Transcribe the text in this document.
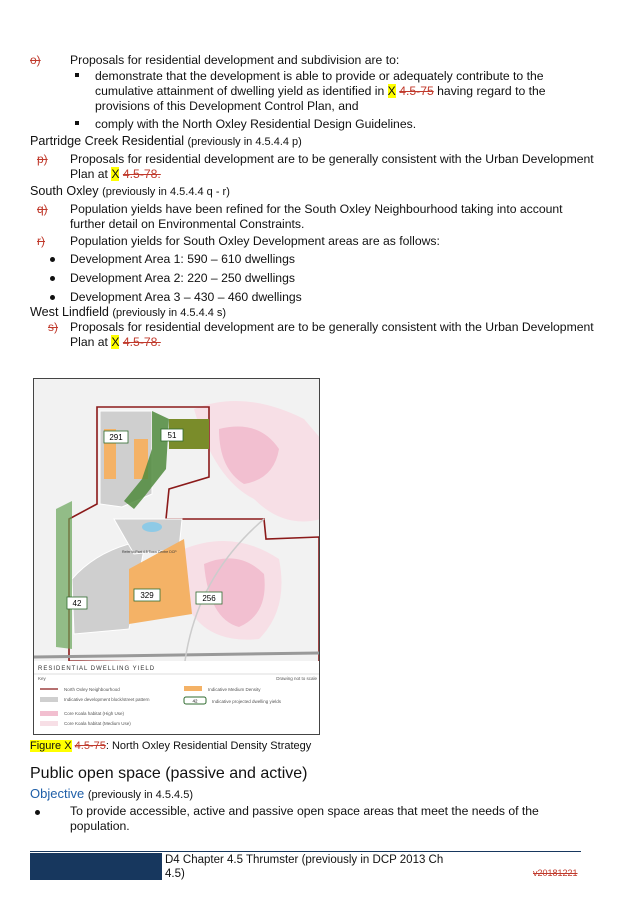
o) Proposals for residential development and subdivision are to:
demonstrate that the development is able to provide or adequately contribute to the
cumulative attainment of dwelling yield as identified in X 4.5-75 having regard to the
provisions of this Development Control Plan, and
comply with the North Oxley Residential Design Guidelines.
Partridge Creek Residential (previously in 4.5.4.4 p)
p) Proposals for residential development are to be generally consistent with the Urban Development
Plan at X 4.5-78.
South Oxley (previously in 4.5.4.4 q - r)
q) Population yields have been refined for the South Oxley Neighbourhood taking into account
further detail on Environmental Constraints.
r) Population yields for South Oxley Development areas are as follows:
Development Area 1: 590 – 610 dwellings
Development Area 2: 220 – 250 dwellings
Development Area 3 – 430 – 460 dwellings
West Lindfield (previously in 4.5.4.4 s)
s) Proposals for residential development are to be generally consistent with the Urban Development
Plan at X 4.5-78.
291	51
42
329	256
Refer to Part 4.5 Town Centre DCP
RESIDENTIAL DWELLING YIELD
Key	Drawing not to scale
North Oxley Neighbourhood
Indicative development block/street pattern
Core Koala habitat (High Use)
Core Koala habitat (Medium Use)
Indicative Medium Density
42	Indicative projected dwelling yields
Figure X 4.5-75: North Oxley Residential Density Strategy
Public open space (passive and active)
Objective (previously in 4.5.4.5)
To provide accessible, active and passive open space areas that meet the needs of the
population.
D4 Chapter 4.5 Thrumster (previously in DCP 2013 Ch
4.5)	v20181221
